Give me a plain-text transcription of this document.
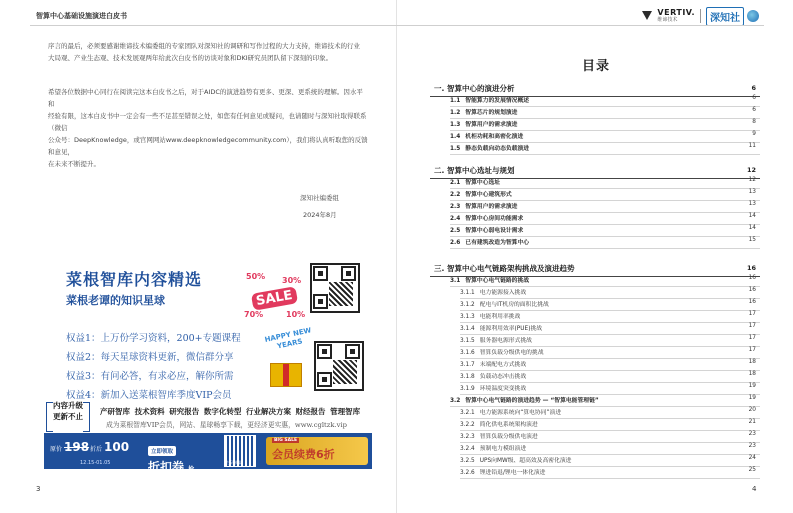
智算中心基础设施演进白皮书	VERTIV.
维谛技术	深知社
序言的最后，必须要感谢维谛技术编委组的专家团队对深知社的调研和写作过程的大力支持，维谛技术的行业
大局观、产业生态观、技术发展观两年给此次白皮书的访谈对象和DKI研究员团队留下深刻的印象。
希望各位数据中心同行在阅读完这本白皮书之后，对于AIDC的演进趋势有更多、更深、更系统的理解。因水平和
经验有限，这本白皮书中一定会有一些不足甚至错误之处，如您有任何意见或疑问，也请随时与深知社取得联系（微信
公众号：DeepKnowledge，或官网网站www.deepknowledgecommunity.com），我们将认真听取您的反馈和意见，
在未来不断提升。
深知社编委组
2024年8月
菜根智库内容精选
菜根老谭的知识星球
权益1：上万份学习资料，200+专题课程
权益2：每天星球资料更新，微信群分享
权益3：有问必答，有求必应，解你所需
权益4：新加入送菜根智库季度VIP会员
50% 30%
SALE
70%	10%
HAPPY NEW YEARS
内容升级
更新不止
产研智库 技术资料 研究报告 数字化转型 行业解决方案 财经报告 管理智库
成为菜根智库VIP会员，网站、星球畅享下载，更经济更实惠，www.cgltzk.vip
原价 198 折后 100
12.15-01.05
立即领取
折扣券 抢
扫码领取
BIG SALE
会员续费6折
3
目录
一. 智算中心的演进分析	6
1.1 智能算力的发展情况概述	6
1.2 智算芯片的规划演进	6
1.3 智算用户的需求演进	8
1.4 机柜功耗和高密化演进	9
1.5 静态负载向动态负载演进	11
二. 智算中心选址与规划	12
2.1 智算中心选址	12
2.2 智算中心建筑形式	13
2.3 智算用户的需求演进	13
2.4 智算中心房间功能需求	14
2.5 智算中心弱电设计需求	14
2.6 已有建筑改造为智算中心	15
三. 智算中心电气链路架构挑战及演进趋势	16
3.1 智算中心电气链路的挑战	16
3.1.1 电力能源接入挑战	16
3.1.2 配电与IT机房的面积比挑战	16
3.1.3 电能利用率挑战	17
3.1.4 能源利用效率(PUE)挑战	17
3.1.5 服务器电源形式挑战	17
3.1.6 智算负载分级供电的挑战	17
3.1.7 末端配电方式挑战	18
3.1.8 负载动态冲击挑战	18
3.1.9 环境温度突变挑战	19
3.2 智算中心电气链路的演进趋势 — “智算电能管理链”	19
3.2.1 电力能源系统向“算电协同”演进	20
3.2.2 简化供电系统架构演进	21
3.2.3 智算负载分级供电演进	23
3.2.4 预制电力模组演进	23
3.2.5 UPS向MW级、超高效及高密化演进	24
3.2.6 锂进铅退/锂电一体化演进	25
4
